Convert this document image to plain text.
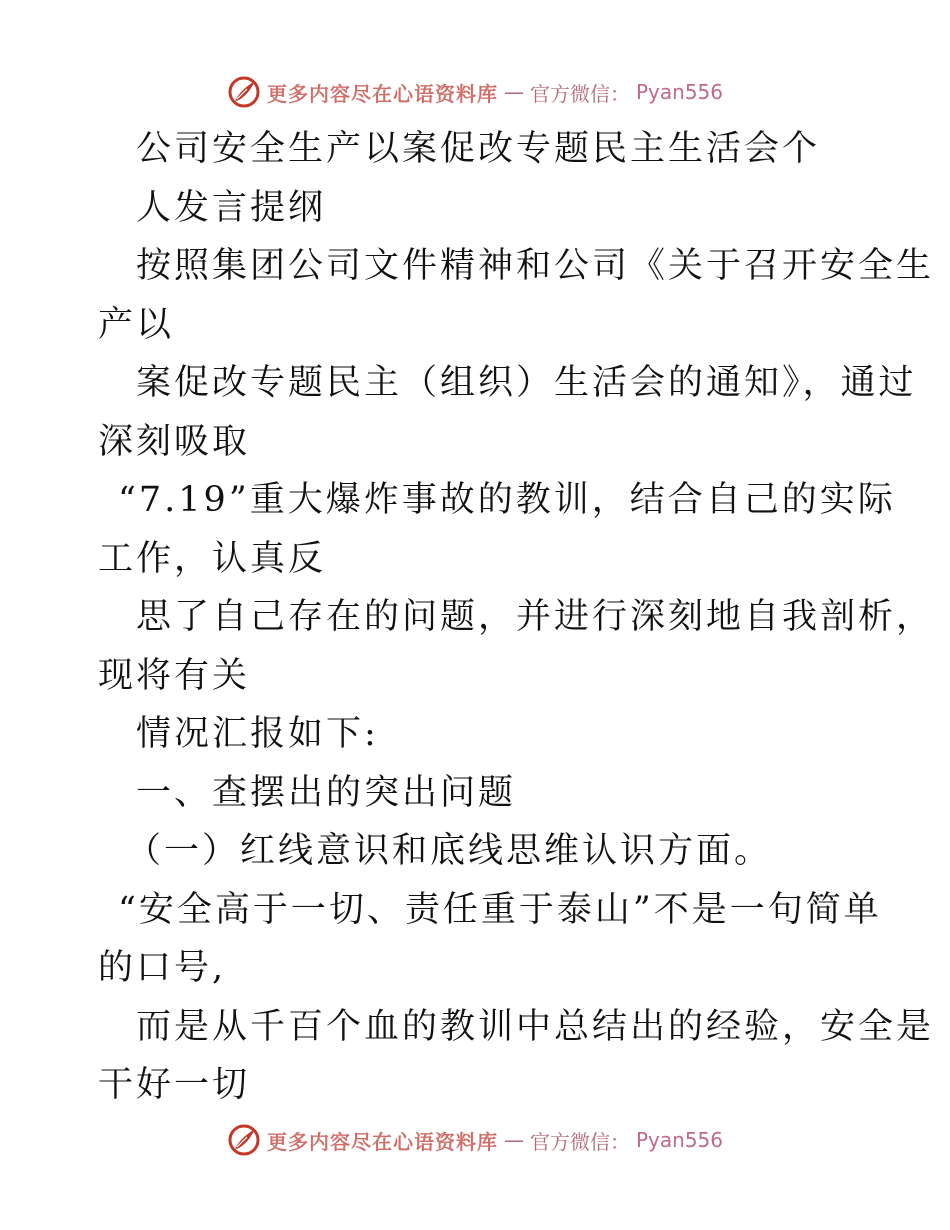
更多内容尽在心语资料库 — 官方微信： Pyan556
公司安全生产以案促改专题民主生活会个
人发言提纲
按照集团公司文件精神和公司《关于召开安全生
产以
案促改专题民主（组织）生活会的通知》，通过
深刻吸取
“7.19”重大爆炸事故的教训，结合自己的实际
工作，认真反
思了自己存在的问题，并进行深刻地自我剖析，
现将有关
情况汇报如下:
一、查摆出的突出问题
（一）红线意识和底线思维认识方面。
“安全高于一切、责任重于泰山”不是一句简单
的口号,
而是从千百个血的教训中总结出的经验，安全是
干好一切
更多内容尽在心语资料库 — 官方微信： Pyan556
